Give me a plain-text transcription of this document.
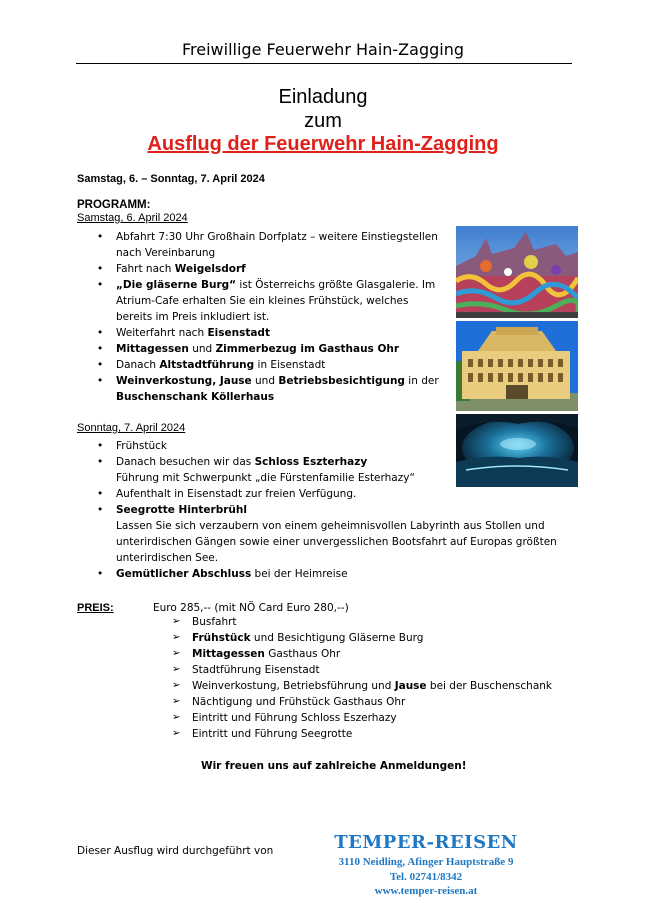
Freiwillige Feuerwehr Hain-Zagging
Einladung
zum
Ausflug der Feuerwehr Hain-Zagging
Samstag, 6. – Sonntag, 7. April 2024
PROGRAMM:
Samstag, 6. April 2024
• Abfahrt 7:30 Uhr Großhain Dorfplatz – weitere Einstiegstellen nach Vereinbarung
• Fahrt nach Weigelsdorf
• „Die gläserne Burg“ ist Österreichs größte Glasgalerie. Im Atrium-Cafe erhalten Sie ein kleines Frühstück, welches bereits im Preis inkludiert ist.
• Weiterfahrt nach Eisenstadt
• Mittagessen und Zimmerbezug im Gasthaus Ohr
• Danach Altstadtführung in Eisenstadt
• Weinverkostung, Jause und Betriebsbesichtigung in der Buschenschank Köllerhaus
Sonntag, 7. April 2024
• Frühstück
• Danach besuchen wir das Schloss Eszterhazy
Führung mit Schwerpunkt „die Fürstenfamilie Esterhazy“
• Aufenthalt in Eisenstadt zur freien Verfügung.
• Seegrotte Hinterbrühl
Lassen Sie sich verzaubern von einem geheimnisvollen Labyrinth aus Stollen und unterirdischen Gängen sowie einer unvergesslichen Bootsfahrt auf Europas größten unterirdischen See.
• Gemütlicher Abschluss bei der Heimreise
PREIS:	Euro 285,-- (mit NÖ Card Euro 280,--)
➢ Busfahrt
➢ Frühstück und Besichtigung Gläserne Burg
➢ Mittagessen Gasthaus Ohr
➢ Stadtführung Eisenstadt
➢ Weinverkostung, Betriebsführung und Jause bei der Buschenschank
➢ Nächtigung und Frühstück Gasthaus Ohr
➢ Eintritt und Führung Schloss Eszerhazy
➢ Eintritt und Führung Seegrotte
Wir freuen uns auf zahlreiche Anmeldungen!
Dieser Ausflug wird durchgeführt von	TEMPER-REISEN
3110 Neidling, Afinger Hauptstraße 9
Tel. 02741/8342
www.temper-reisen.at
